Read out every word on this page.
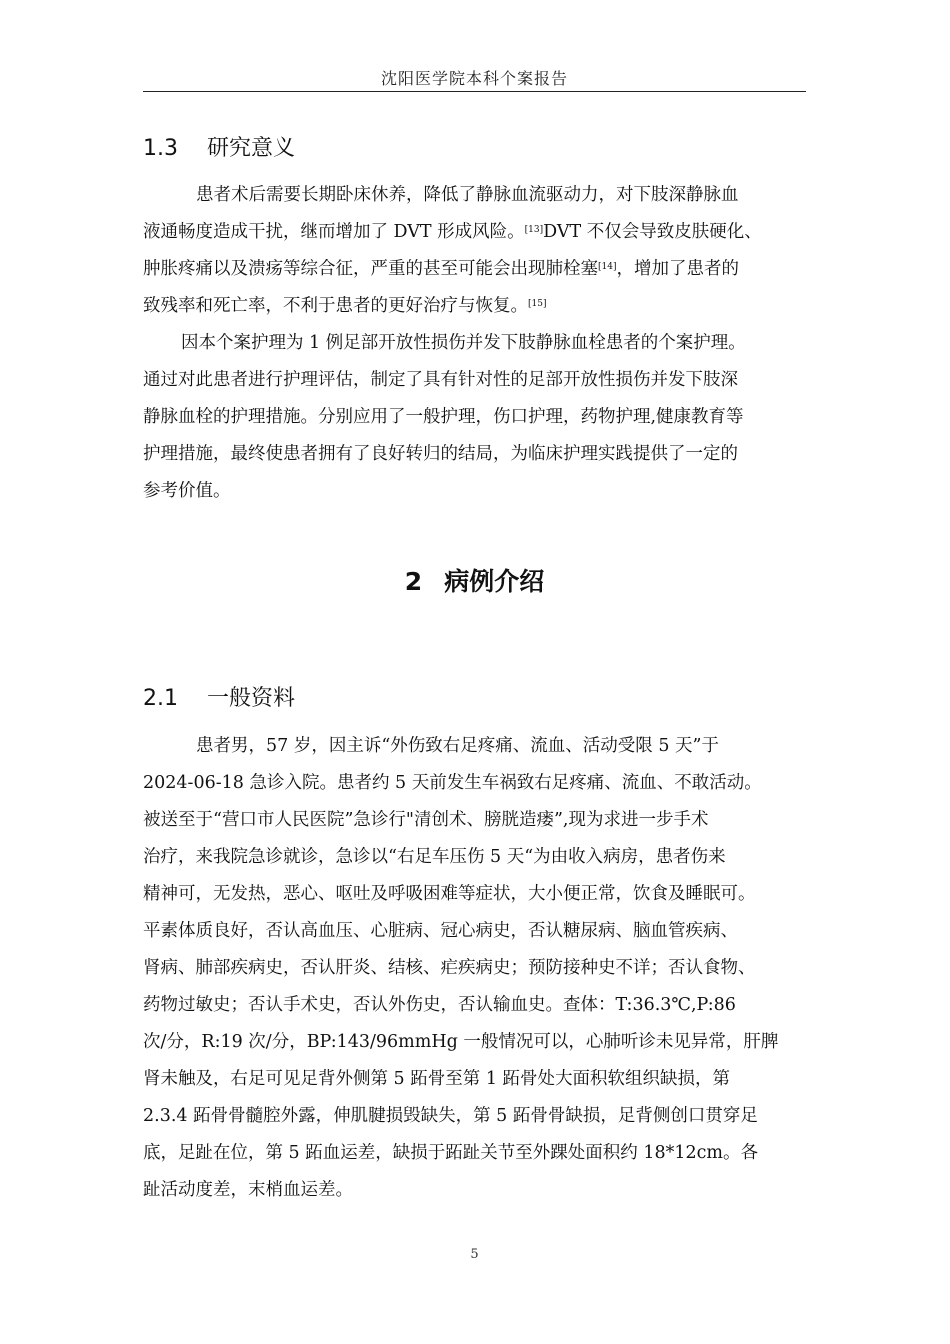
沈阳医学院本科个案报告
1.3 研究意义
患者术后需要长期卧床休养，降低了静脉血流驱动力，对下肢深静脉血
液通畅度造成干扰，继而增加了 DVT 形成风险。[13]DVT 不仅会导致皮肤硬化、
肿胀疼痛以及溃疡等综合征，严重的甚至可能会出现肺栓塞[14]，增加了患者的
致残率和死亡率，不利于患者的更好治疗与恢复。[15]
因本个案护理为 1 例足部开放性损伤并发下肢静脉血栓患者的个案护理。
通过对此患者进行护理评估，制定了具有针对性的足部开放性损伤并发下肢深
静脉血栓的护理措施。分别应用了一般护理，伤口护理，药物护理,健康教育等
护理措施，最终使患者拥有了良好转归的结局，为临床护理实践提供了一定的
参考价值。
2 病例介绍
2.1 一般资料
患者男，57 岁，因主诉“外伤致右足疼痛、流血、活动受限 5 天”于
2024-06-18 急诊入院。患者约 5 天前发生车祸致右足疼痛、流血、不敢活动。
被送至于“营口市人民医院”急诊行"清创术、膀胱造瘘”,现为求进一步手术
治疗，来我院急诊就诊，急诊以“右足车压伤 5 天“为由收入病房，患者伤来
精神可，无发热，恶心、呕吐及呼吸困难等症状，大小便正常，饮食及睡眠可。
平素体质良好，否认高血压、心脏病、冠心病史，否认糖尿病、脑血管疾病、
肾病、肺部疾病史，否认肝炎、结核、疟疾病史；预防接种史不详；否认食物、
药物过敏史；否认手术史，否认外伤史，否认输血史。查体：T:36.3℃,P:86
次/分，R:19 次/分，BP:143/96mmHg 一般情况可以，心肺听诊未见异常，肝脾
肾未触及，右足可见足背外侧第 5 跖骨至第 1 跖骨处大面积软组织缺损，第
2.3.4 跖骨骨髓腔外露，伸肌腱损毁缺失，第 5 跖骨骨缺损，足背侧创口贯穿足
底，足趾在位，第 5 跖血运差，缺损于跖趾关节至外踝处面积约 18*12cm。各
趾活动度差，末梢血运差。
5
